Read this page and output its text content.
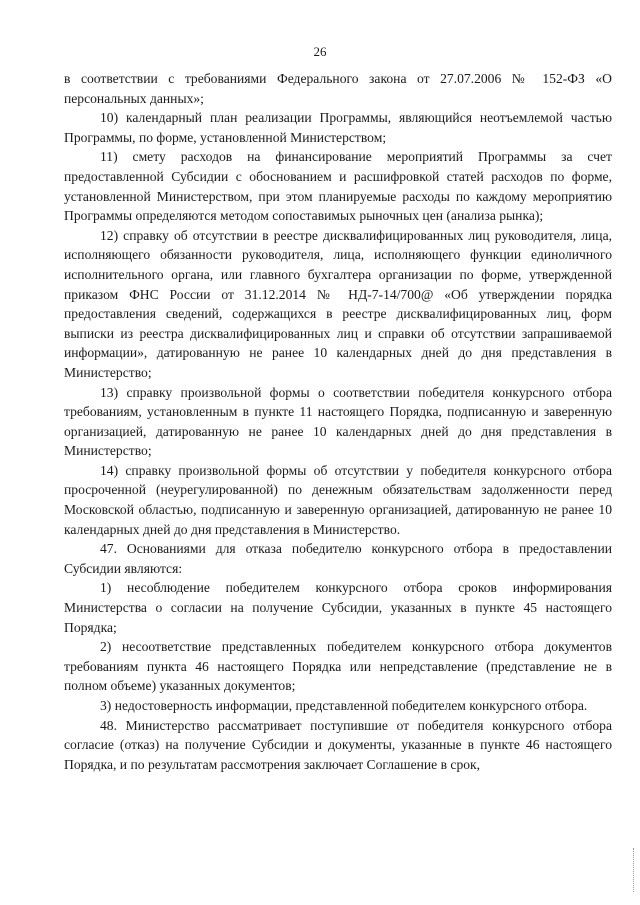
26

в соответствии с требованиями Федерального закона от 27.07.2006 № 152-ФЗ «О персональных данных»;

10) календарный план реализации Программы, являющийся неотъемлемой частью Программы, по форме, установленной Министерством;

11) смету расходов на финансирование мероприятий Программы за счет предоставленной Субсидии с обоснованием и расшифровкой статей расходов по форме, установленной Министерством, при этом планируемые расходы по каждому мероприятию Программы определяются методом сопоставимых рыночных цен (анализа рынка);

12) справку об отсутствии в реестре дисквалифицированных лиц руководителя, лица, исполняющего обязанности руководителя, лица, исполняющего функции единоличного исполнительного органа, или главного бухгалтера организации по форме, утвержденной приказом ФНС России от 31.12.2014 № НД-7-14/700@ «Об утверждении порядка предоставления сведений, содержащихся в реестре дисквалифицированных лиц, форм выписки из реестра дисквалифицированных лиц и справки об отсутствии запрашиваемой информации», датированную не ранее 10 календарных дней до дня представления в Министерство;

13) справку произвольной формы о соответствии победителя конкурсного отбора требованиям, установленным в пункте 11 настоящего Порядка, подписанную и заверенную организацией, датированную не ранее 10 календарных дней до дня представления в Министерство;

14) справку произвольной формы об отсутствии у победителя конкурсного отбора просроченной (неурегулированной) по денежным обязательствам задолженности перед Московской областью, подписанную и заверенную организацией, датированную не ранее 10 календарных дней до дня представления в Министерство.

47. Основаниями для отказа победителю конкурсного отбора в предоставлении Субсидии являются:

1) несоблюдение победителем конкурсного отбора сроков информирования Министерства о согласии на получение Субсидии, указанных в пункте 45 настоящего Порядка;

2) несоответствие представленных победителем конкурсного отбора документов требованиям пункта 46 настоящего Порядка или непредставление (представление не в полном объеме) указанных документов;

3) недостоверность информации, представленной победителем конкурсного отбора.

48. Министерство рассматривает поступившие от победителя конкурсного отбора согласие (отказ) на получение Субсидии и документы, указанные в пункте 46 настоящего Порядка, и по результатам рассмотрения заключает Соглашение в срок,
